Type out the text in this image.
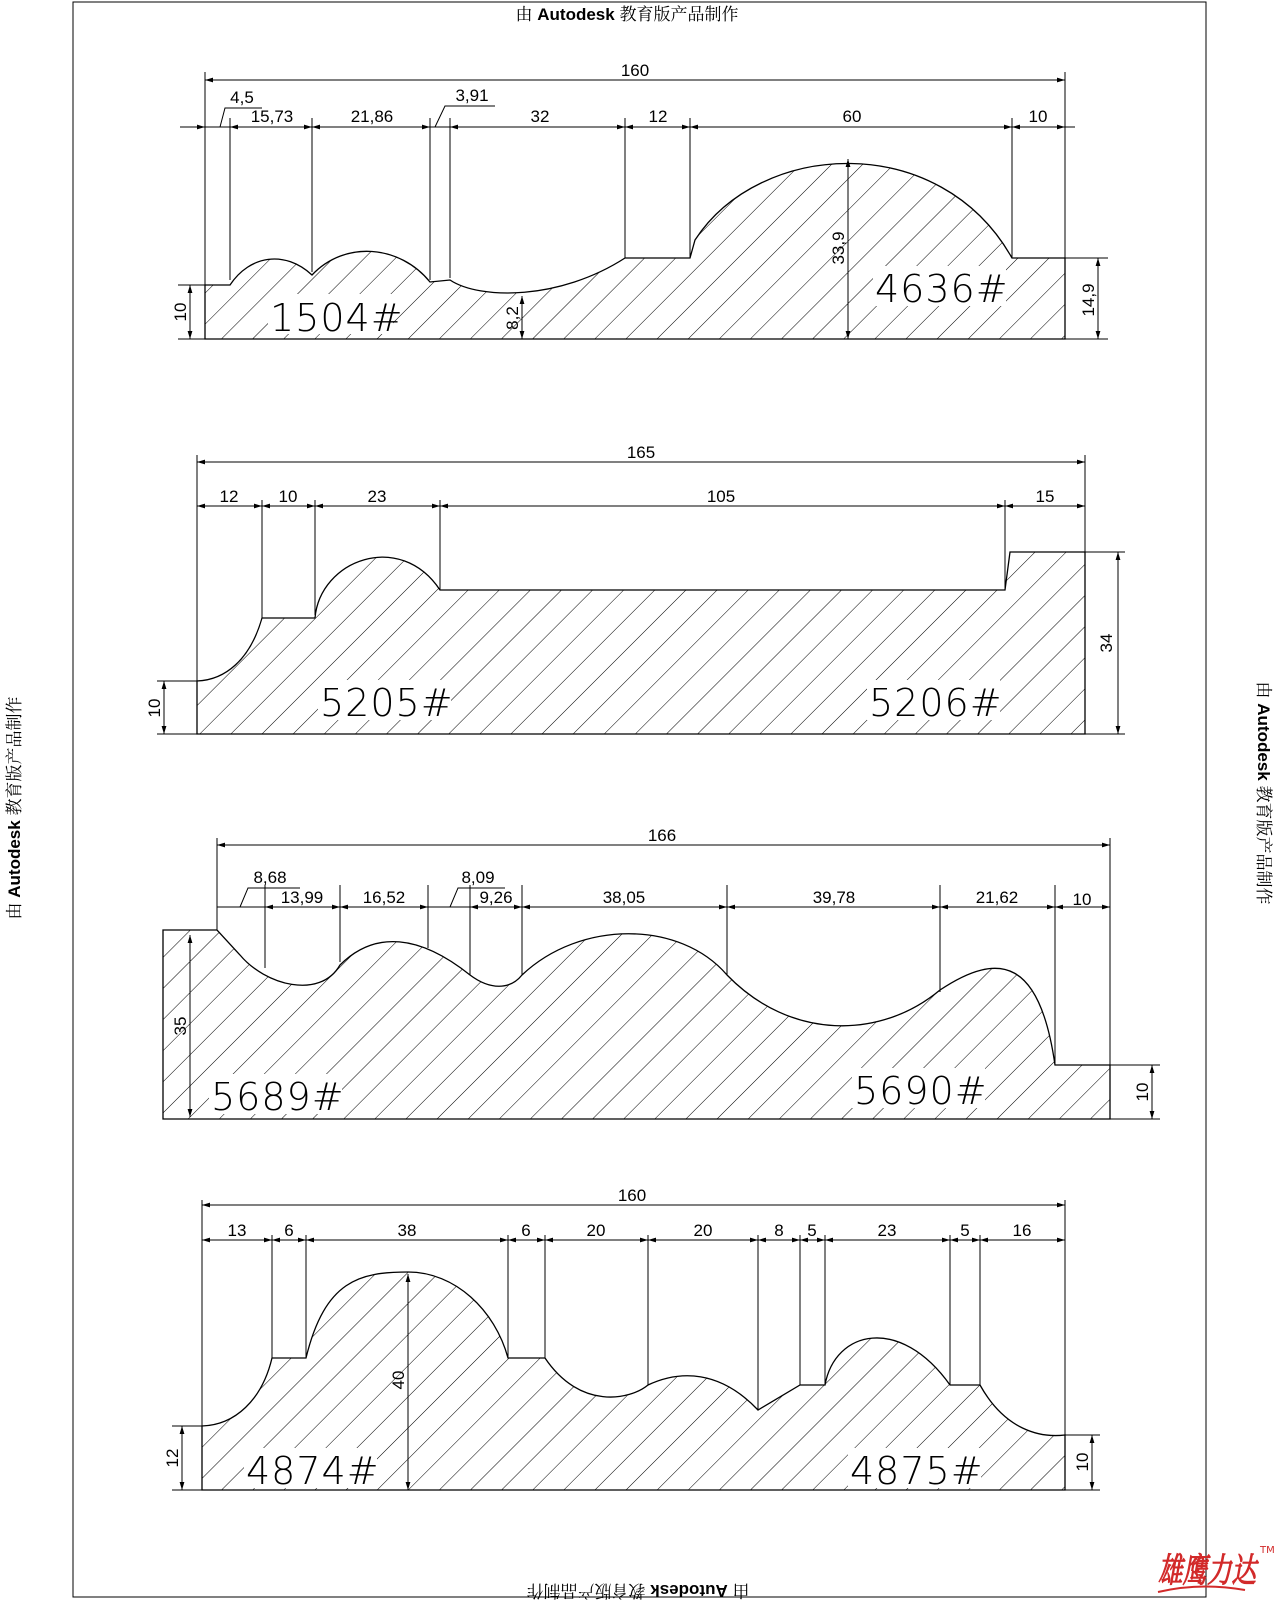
由 Autodesk 教育版产品制作
由 Autodesk 教育版产品制作
由 Autodesk 教育版产品制作
由 Autodesk 教育版产品制作
160
4,5
15,73	21,86
3,91
32	12	60	10
10	14,9
8,2
33,9
1504#
4636#
165
12 10	23	105	15
10
34
5205#	5206#
166
8,68
13,99 16,52
8,09
9,26	38,05	39,78	21,62	10
35
10
5689#	5690#
160
13 6	38	6	20	20	8 5	23	5	16
12	10
40
4874#	4875#
雄鹰力达
TM
